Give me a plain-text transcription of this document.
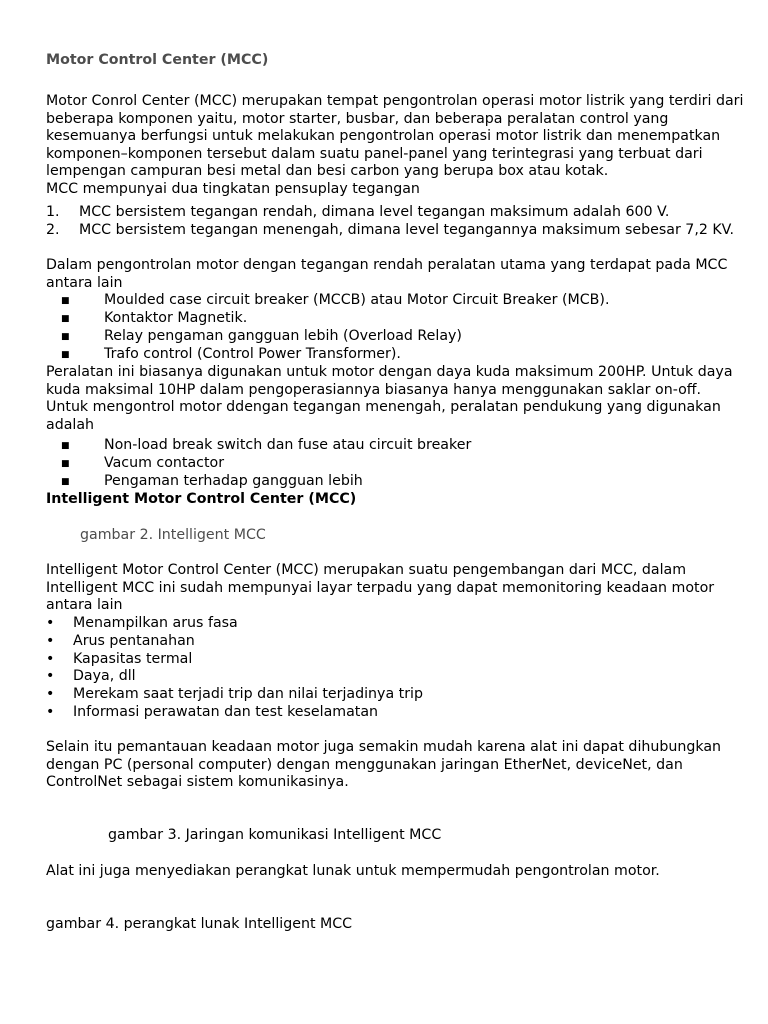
Motor Control Center (MCC)
Motor Conrol Center (MCC) merupakan tempat pengontrolan operasi motor listrik yang terdiri dari
beberapa komponen yaitu, motor starter, busbar, dan beberapa peralatan control yang
kesemuanya berfungsi untuk melakukan pengontrolan operasi motor listrik dan menempatkan
komponen–komponen tersebut dalam suatu panel-panel yang terintegrasi yang terbuat dari
lempengan campuran besi metal dan besi carbon yang berupa box atau kotak.
MCC mempunyai dua tingkatan pensuplay tegangan
1. MCC bersistem tegangan rendah, dimana level tegangan maksimum adalah 600 V.
2. MCC bersistem tegangan menengah, dimana level tegangannya maksimum sebesar 7,2 KV.
Dalam pengontrolan motor dengan tegangan rendah peralatan utama yang terdapat pada MCC
antara lain
■ Moulded case circuit breaker (MCCB) atau Motor Circuit Breaker (MCB).
■ Kontaktor Magnetik.
■ Relay pengaman gangguan lebih (Overload Relay)
■ Trafo control (Control Power Transformer).
Peralatan ini biasanya digunakan untuk motor dengan daya kuda maksimum 200HP. Untuk daya
kuda maksimal 10HP dalam pengoperasiannya biasanya hanya menggunakan saklar on-off.
Untuk mengontrol motor ddengan tegangan menengah, peralatan pendukung yang digunakan
adalah
■ Non-load break switch dan fuse atau circuit breaker
■ Vacum contactor
■ Pengaman terhadap gangguan lebih
Intelligent Motor Control Center (MCC)
gambar 2. Intelligent MCC
Intelligent Motor Control Center (MCC) merupakan suatu pengembangan dari MCC, dalam
Intelligent MCC ini sudah mempunyai layar terpadu yang dapat memonitoring keadaan motor
antara lain
• Menampilkan arus fasa
• Arus pentanahan
• Kapasitas termal
• Daya, dll
• Merekam saat terjadi trip dan nilai terjadinya trip
• Informasi perawatan dan test keselamatan
Selain itu pemantauan keadaan motor juga semakin mudah karena alat ini dapat dihubungkan
dengan PC (personal computer) dengan menggunakan jaringan EtherNet, deviceNet, dan
ControlNet sebagai sistem komunikasinya.
gambar 3. Jaringan komunikasi Intelligent MCC
Alat ini juga menyediakan perangkat lunak untuk mempermudah pengontrolan motor.
gambar 4. perangkat lunak Intelligent MCC
